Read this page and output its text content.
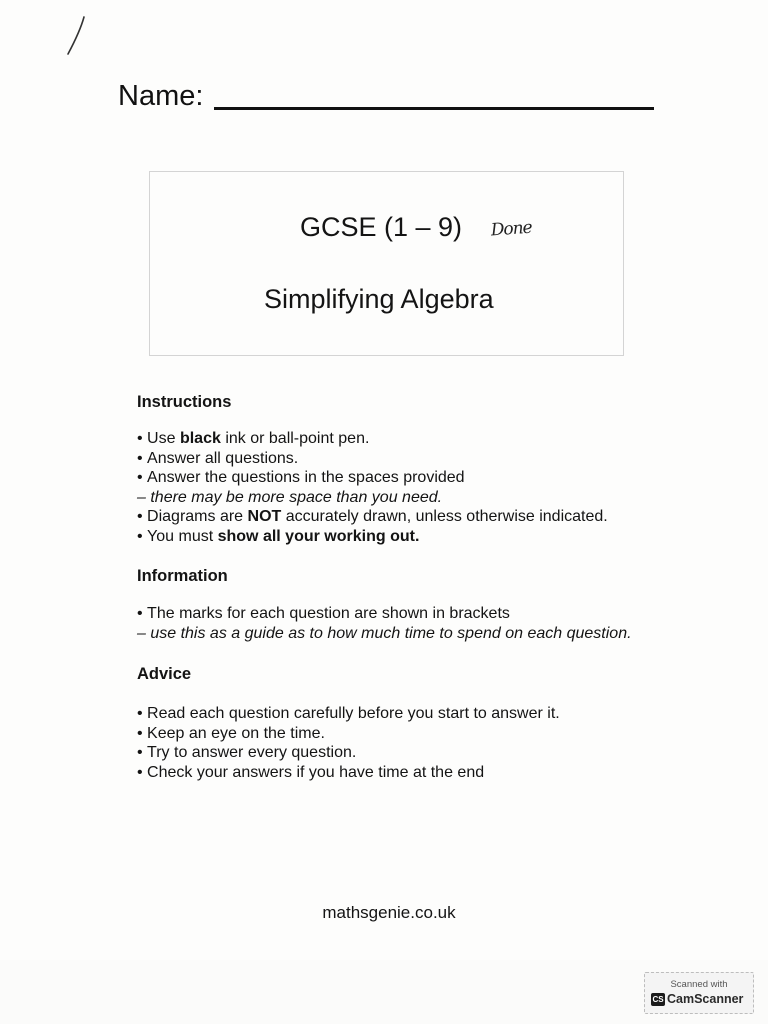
Name:
GCSE (1 – 9) Done
Simplifying Algebra
Instructions
• Use black ink or ball-point pen.
• Answer all questions.
• Answer the questions in the spaces provided
– there may be more space than you need.
• Diagrams are NOT accurately drawn, unless otherwise indicated.
• You must show all your working out.
Information
• The marks for each question are shown in brackets
– use this as a guide as to how much time to spend on each question.
Advice
• Read each question carefully before you start to answer it.
• Keep an eye on the time.
• Try to answer every question.
• Check your answers if you have time at the end
mathsgenie.co.uk
Scanned with
CS CamScanner
